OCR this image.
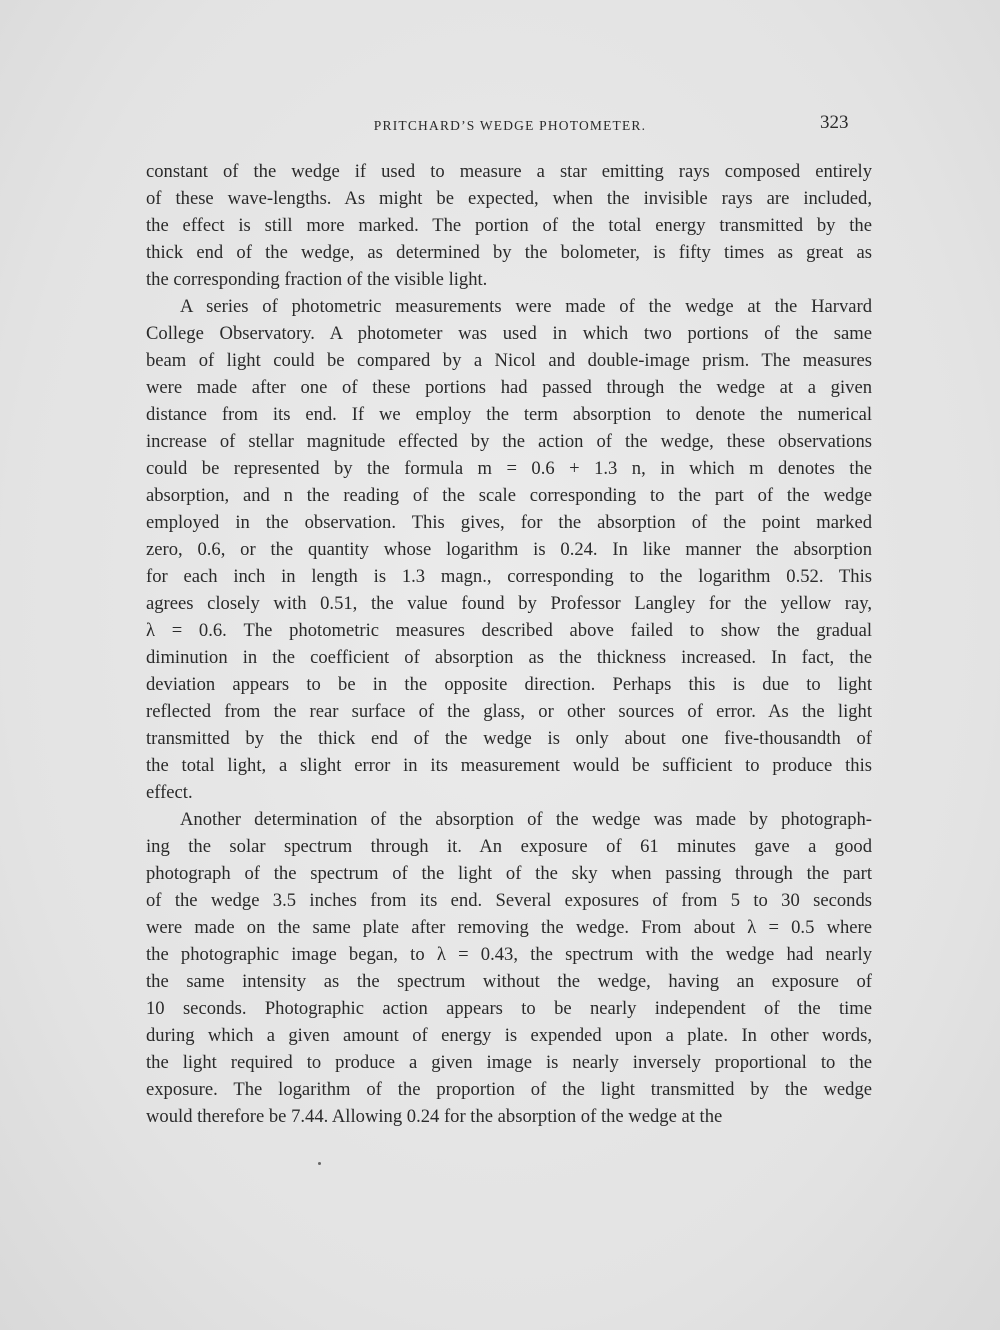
PRITCHARD’S WEDGE PHOTOMETER.	323
constant of the wedge if used to measure a star emitting rays composed entirely
of these wave-lengths. As might be expected, when the invisible rays are included,
the effect is still more marked. The portion of the total energy transmitted by the
thick end of the wedge, as determined by the bolometer, is fifty times as great as
the corresponding fraction of the visible light.
A series of photometric measurements were made of the wedge at the Harvard
College Observatory. A photometer was used in which two portions of the same
beam of light could be compared by a Nicol and double-image prism. The measures
were made after one of these portions had passed through the wedge at a given
distance from its end. If we employ the term absorption to denote the numerical
increase of stellar magnitude effected by the action of the wedge, these observations
could be represented by the formula m = 0.6 + 1.3 n, in which m denotes the
absorption, and n the reading of the scale corresponding to the part of the wedge
employed in the observation. This gives, for the absorption of the point marked
zero, 0.6, or the quantity whose logarithm is 0.24. In like manner the absorption
for each inch in length is 1.3 magn., corresponding to the logarithm 0.52. This
agrees closely with 0.51, the value found by Professor Langley for the yellow ray,
λ = 0.6. The photometric measures described above failed to show the gradual
diminution in the coefficient of absorption as the thickness increased. In fact, the
deviation appears to be in the opposite direction. Perhaps this is due to light
reflected from the rear surface of the glass, or other sources of error. As the light
transmitted by the thick end of the wedge is only about one five-thousandth of
the total light, a slight error in its measurement would be sufficient to produce this
effect.
Another determination of the absorption of the wedge was made by photograph-
ing the solar spectrum through it. An exposure of 61 minutes gave a good
photograph of the spectrum of the light of the sky when passing through the part
of the wedge 3.5 inches from its end. Several exposures of from 5 to 30 seconds
were made on the same plate after removing the wedge. From about λ = 0.5 where
the photographic image began, to λ = 0.43, the spectrum with the wedge had nearly
the same intensity as the spectrum without the wedge, having an exposure of
10 seconds. Photographic action appears to be nearly independent of the time
during which a given amount of energy is expended upon a plate. In other words,
the light required to produce a given image is nearly inversely proportional to the
exposure. The logarithm of the proportion of the light transmitted by the wedge
would therefore be 7.44. Allowing 0.24 for the absorption of the wedge at the
